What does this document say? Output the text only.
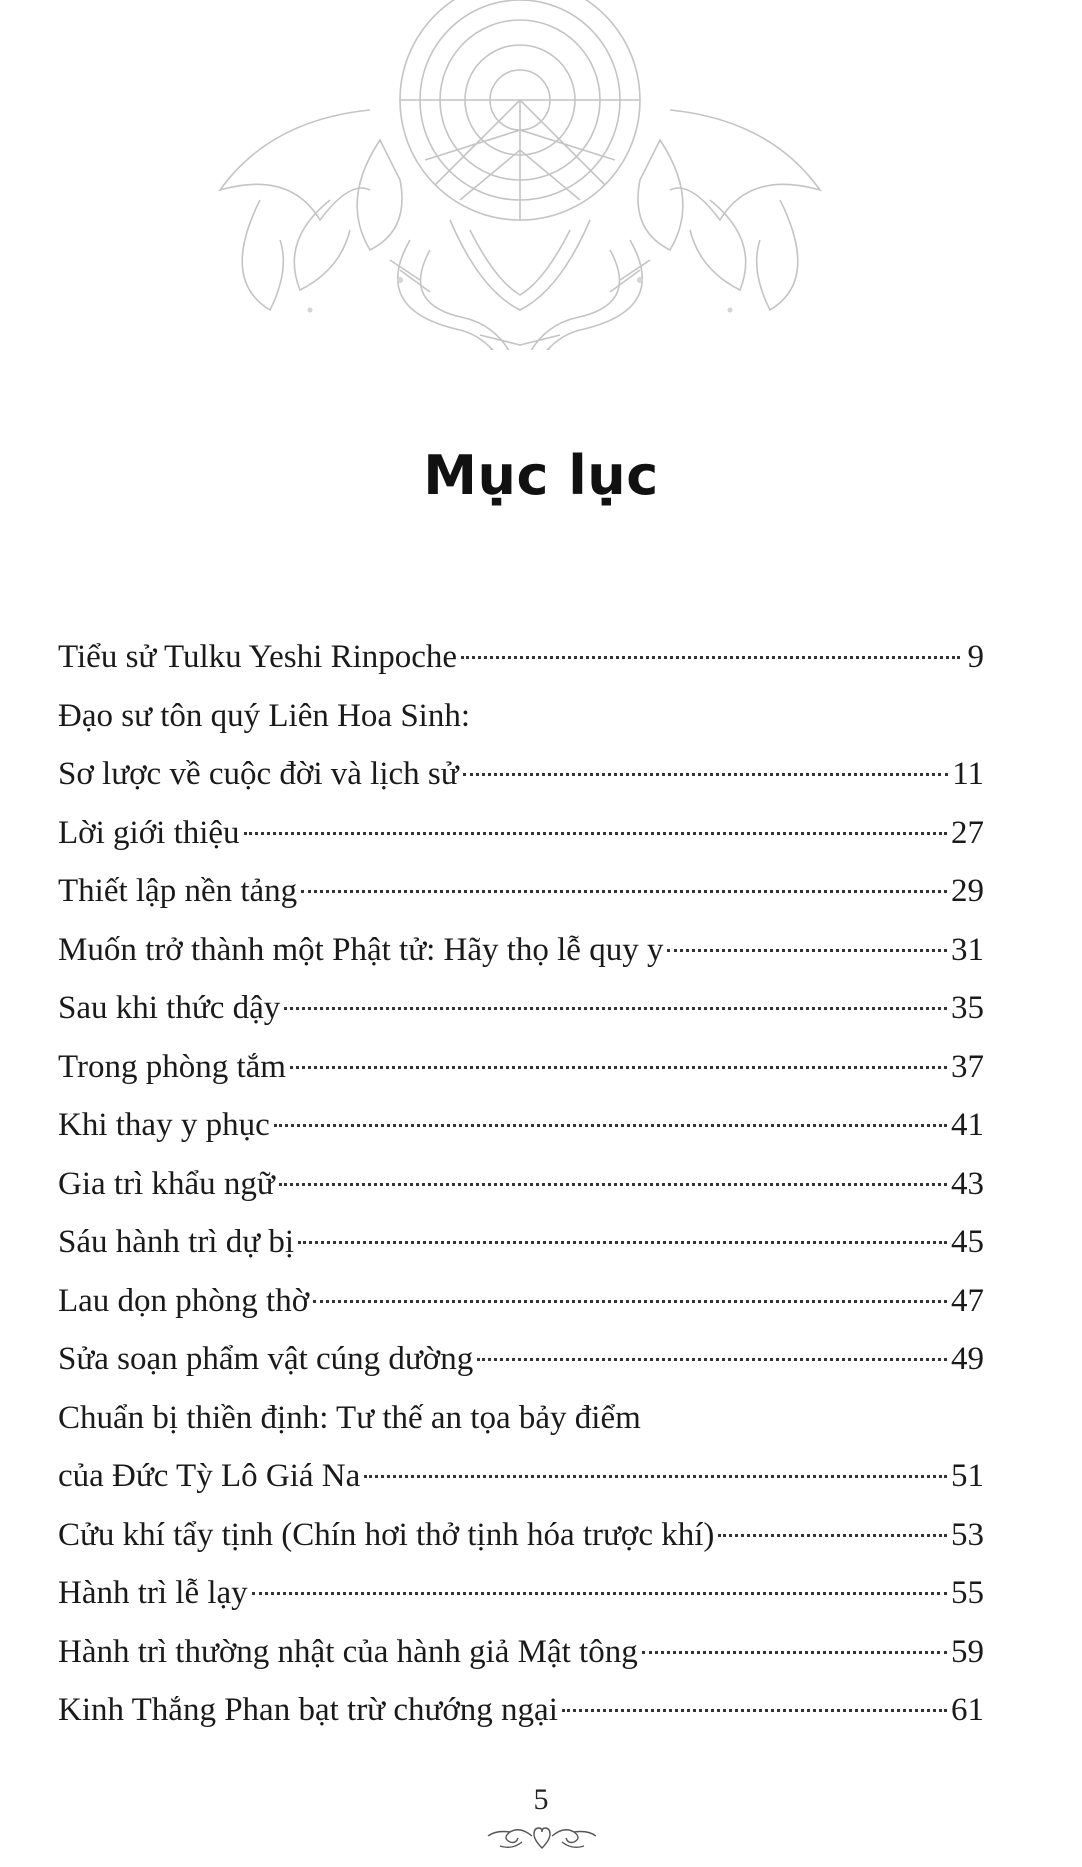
Mục lục
Tiểu sử Tulku Yeshi Rinpoche	9
Đạo sư tôn quý Liên Hoa Sinh:
Sơ lược về cuộc đời và lịch sử	11
Lời giới thiệu	27
Thiết lập nền tảng	29
Muốn trở thành một Phật tử: Hãy thọ lễ quy y	31
Sau khi thức dậy	35
Trong phòng tắm	37
Khi thay y phục	41
Gia trì khẩu ngữ	43
Sáu hành trì dự bị	45
Lau dọn phòng thờ	47
Sửa soạn phẩm vật cúng dường	49
Chuẩn bị thiền định: Tư thế an tọa bảy điểm
của Đức Tỳ Lô Giá Na	51
Cửu khí tẩy tịnh (Chín hơi thở tịnh hóa trược khí)	53
Hành trì lễ lạy	55
Hành trì thường nhật của hành giả Mật tông	59
Kinh Thắng Phan bạt trừ chướng ngại	61
5
